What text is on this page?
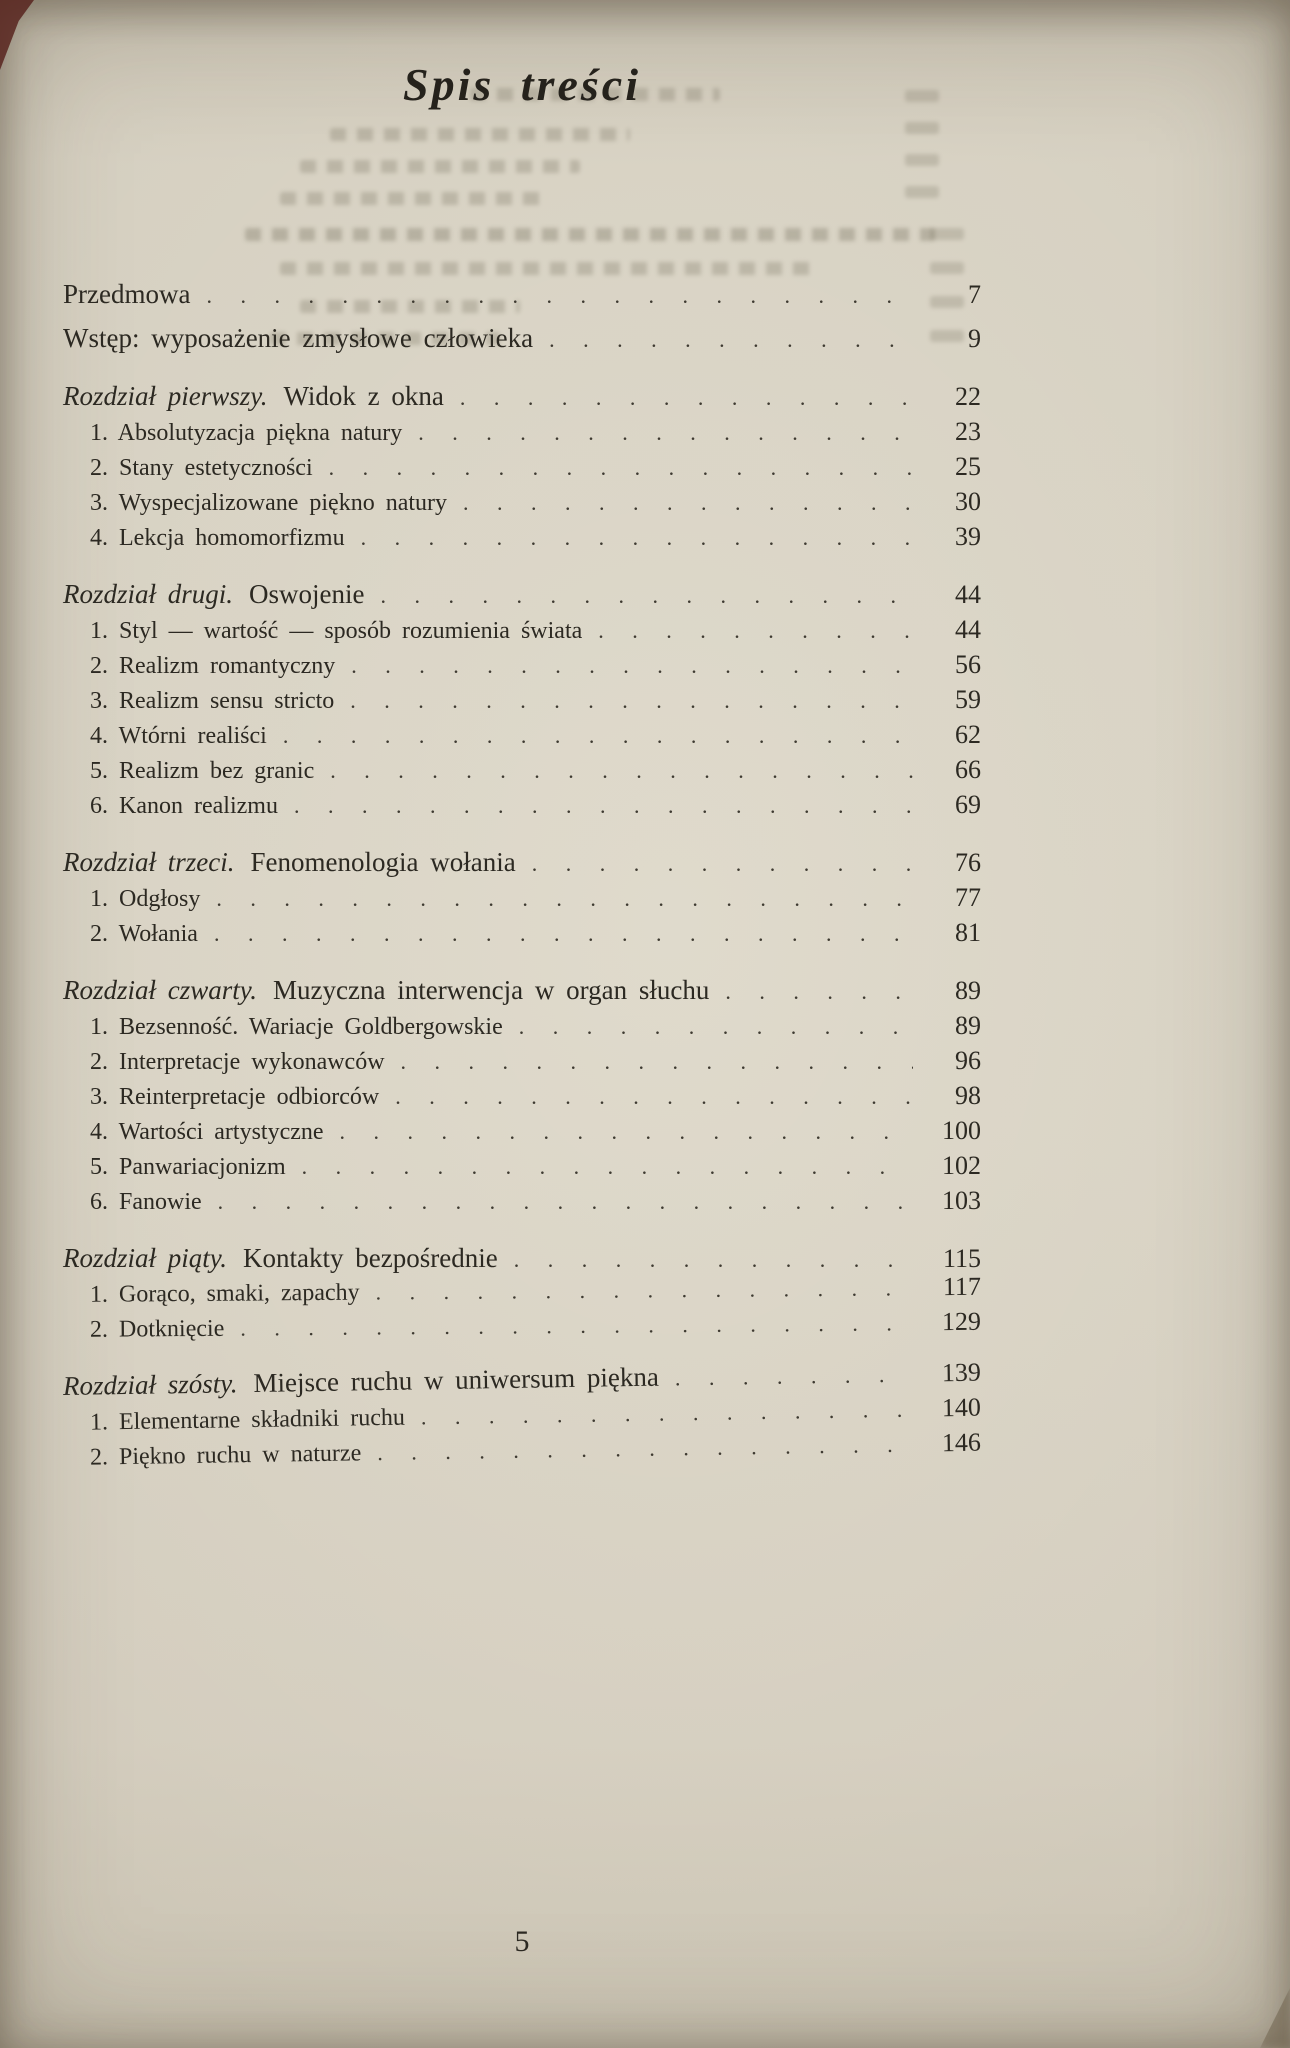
Spis treści
Przedmowa . . .	7
Wstęp: wyposażenie zmysłowe człowieka . . .	9
Rozdział pierwszy. Widok z okna . . .	22
1. Absolutyzacja piękna natury . . .	23
2. Stany estetyczności . . .	25
3. Wyspecjalizowane piękno natury . . .	30
4. Lekcja homomorfizmu . . .	39
Rozdział drugi. Oswojenie . . .	44
1. Styl — wartość — sposób rozumienia świata . . .	44
2. Realizm romantyczny . . .	56
3. Realizm sensu stricto . . .	59
4. Wtórni realiści . . .	62
5. Realizm bez granic . . .	66
6. Kanon realizmu . . .	69
Rozdział trzeci. Fenomenologia wołania . . .	76
1. Odgłosy . . .	77
2. Wołania . . .	81
Rozdział czwarty. Muzyczna interwencja w organ słuchu . . .	89
1. Bezsenność. Wariacje Goldbergowskie . . .	89
2. Interpretacje wykonawców . . .	96
3. Reinterpretacje odbiorców . . .	98
4. Wartości artystyczne . . .	100
5. Panwariacjonizm . . .	102
6. Fanowie . . .	103
Rozdział piąty. Kontakty bezpośrednie . . .	115
1. Gorąco, smaki, zapachy . . .	117
2. Dotknięcie . . .	129
Rozdział szósty. Miejsce ruchu w uniwersum piękna . . .	139
1. Elementarne składniki ruchu . . .	140
2. Piękno ruchu w naturze . . .	146
5
